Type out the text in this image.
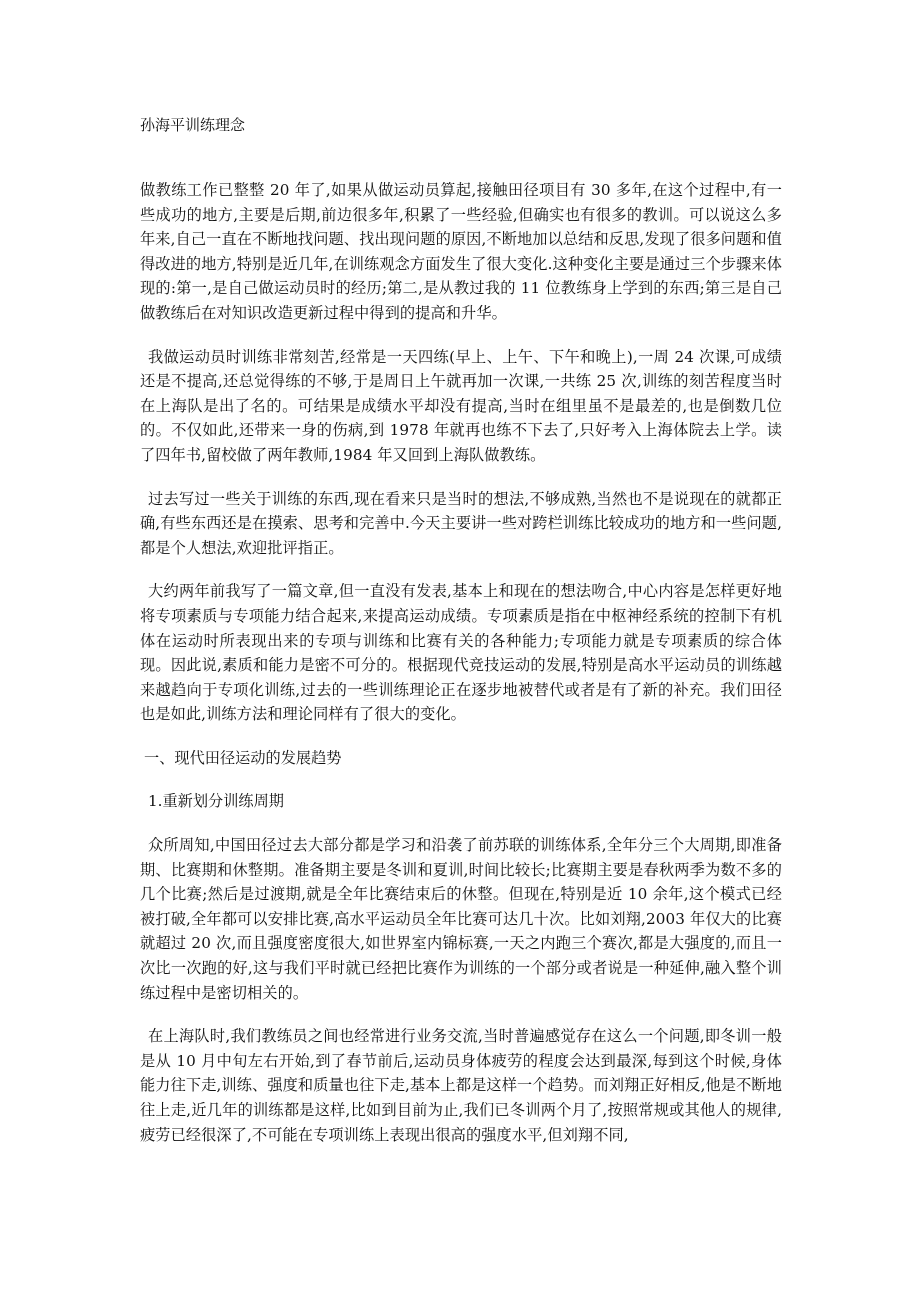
孙海平训练理念

做教练工作已整整 20 年了,如果从做运动员算起,接触田径项目有 30 多年,在这个过程中,有一些成功的地方,主要是后期,前边很多年,积累了一些经验,但确实也有很多的教训。可以说这么多年来,自己一直在不断地找问题、找出现问题的原因,不断地加以总结和反思,发现了很多问题和值得改进的地方,特别是近几年,在训练观念方面发生了很大变化.这种变化主要是通过三个步骤来体现的:第一,是自己做运动员时的经历;第二,是从教过我的 11 位教练身上学到的东西;第三是自己做教练后在对知识改造更新过程中得到的提高和升华。

我做运动员时训练非常刻苦,经常是一天四练(早上、上午、下午和晚上),一周 24 次课,可成绩还是不提高,还总觉得练的不够,于是周日上午就再加一次课,一共练 25 次,训练的刻苦程度当时在上海队是出了名的。可结果是成绩水平却没有提高,当时在组里虽不是最差的,也是倒数几位的。不仅如此,还带来一身的伤病,到 1978 年就再也练不下去了,只好考入上海体院去上学。读了四年书,留校做了两年教师,1984 年又回到上海队做教练。

过去写过一些关于训练的东西,现在看来只是当时的想法,不够成熟,当然也不是说现在的就都正确,有些东西还是在摸索、思考和完善中.今天主要讲一些对跨栏训练比较成功的地方和一些问题,都是个人想法,欢迎批评指正。

大约两年前我写了一篇文章,但一直没有发表,基本上和现在的想法吻合,中心内容是怎样更好地将专项素质与专项能力结合起来,来提高运动成绩。专项素质是指在中枢神经系统的控制下有机体在运动时所表现出来的专项与训练和比赛有关的各种能力;专项能力就是专项素质的综合体现。因此说,素质和能力是密不可分的。根据现代竞技运动的发展,特别是高水平运动员的训练越来越趋向于专项化训练,过去的一些训练理论正在逐步地被替代或者是有了新的补充。我们田径也是如此,训练方法和理论同样有了很大的变化。

一、现代田径运动的发展趋势

1.重新划分训练周期

众所周知,中国田径过去大部分都是学习和沿袭了前苏联的训练体系,全年分三个大周期,即准备期、比赛期和休整期。准备期主要是冬训和夏训,时间比较长;比赛期主要是春秋两季为数不多的几个比赛;然后是过渡期,就是全年比赛结束后的休整。但现在,特别是近 10 余年,这个模式已经被打破,全年都可以安排比赛,高水平运动员全年比赛可达几十次。比如刘翔,2003 年仅大的比赛就超过 20 次,而且强度密度很大,如世界室内锦标赛,一天之内跑三个赛次,都是大强度的,而且一次比一次跑的好,这与我们平时就已经把比赛作为训练的一个部分或者说是一种延伸,融入整个训练过程中是密切相关的。

在上海队时,我们教练员之间也经常进行业务交流,当时普遍感觉存在这么一个问题,即冬训一般是从 10 月中旬左右开始,到了春节前后,运动员身体疲劳的程度会达到最深,每到这个时候,身体能力往下走,训练、强度和质量也往下走,基本上都是这样一个趋势。而刘翔正好相反,他是不断地往上走,近几年的训练都是这样,比如到目前为止,我们已冬训两个月了,按照常规或其他人的规律,疲劳已经很深了,不可能在专项训练上表现出很高的强度水平,但刘翔不同,
